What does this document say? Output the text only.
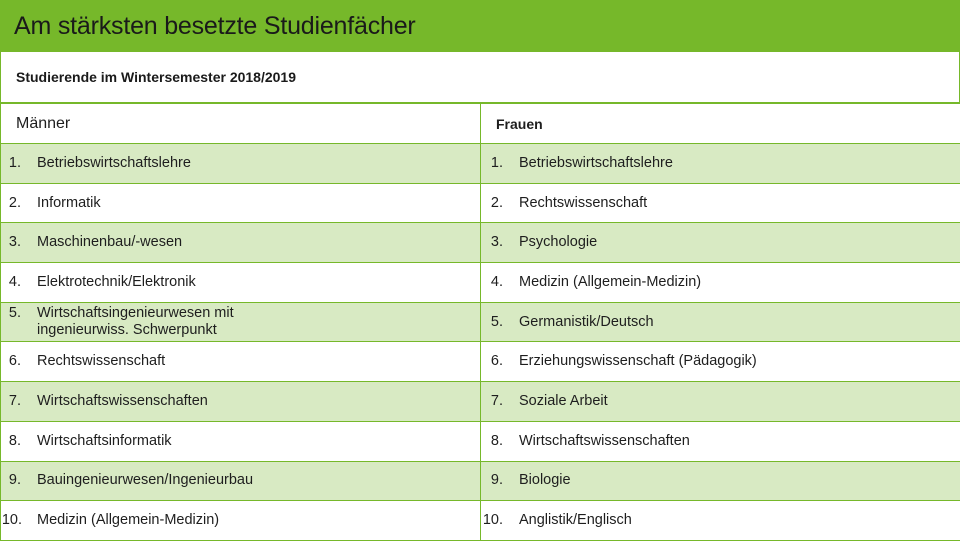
Am stärksten besetzte Studienfächer
Studierende im Wintersemester 2018/2019
Männer	Frauen

1. Betriebswirtschaftslehre	1. Betriebswirtschaftslehre

2. Informatik	2. Rechtswissenschaft

3. Maschinenbau/-wesen	3. Psychologie

4. Elektrotechnik/Elektronik	4. Medizin (Allgemein-Medizin)

5. Wirtschaftsingenieurwesen mit
ingenieurwiss. Schwerpunkt	5. Germanistik/Deutsch

6. Rechtswissenschaft	6. Erziehungswissenschaft (Pädagogik)

7. Wirtschaftswissenschaften	7. Soziale Arbeit

8. Wirtschaftsinformatik	8. Wirtschaftswissenschaften

9. Bauingenieurwesen/Ingenieurbau	9. Biologie

10. Medizin (Allgemein-Medizin)	10. Anglistik/Englisch
